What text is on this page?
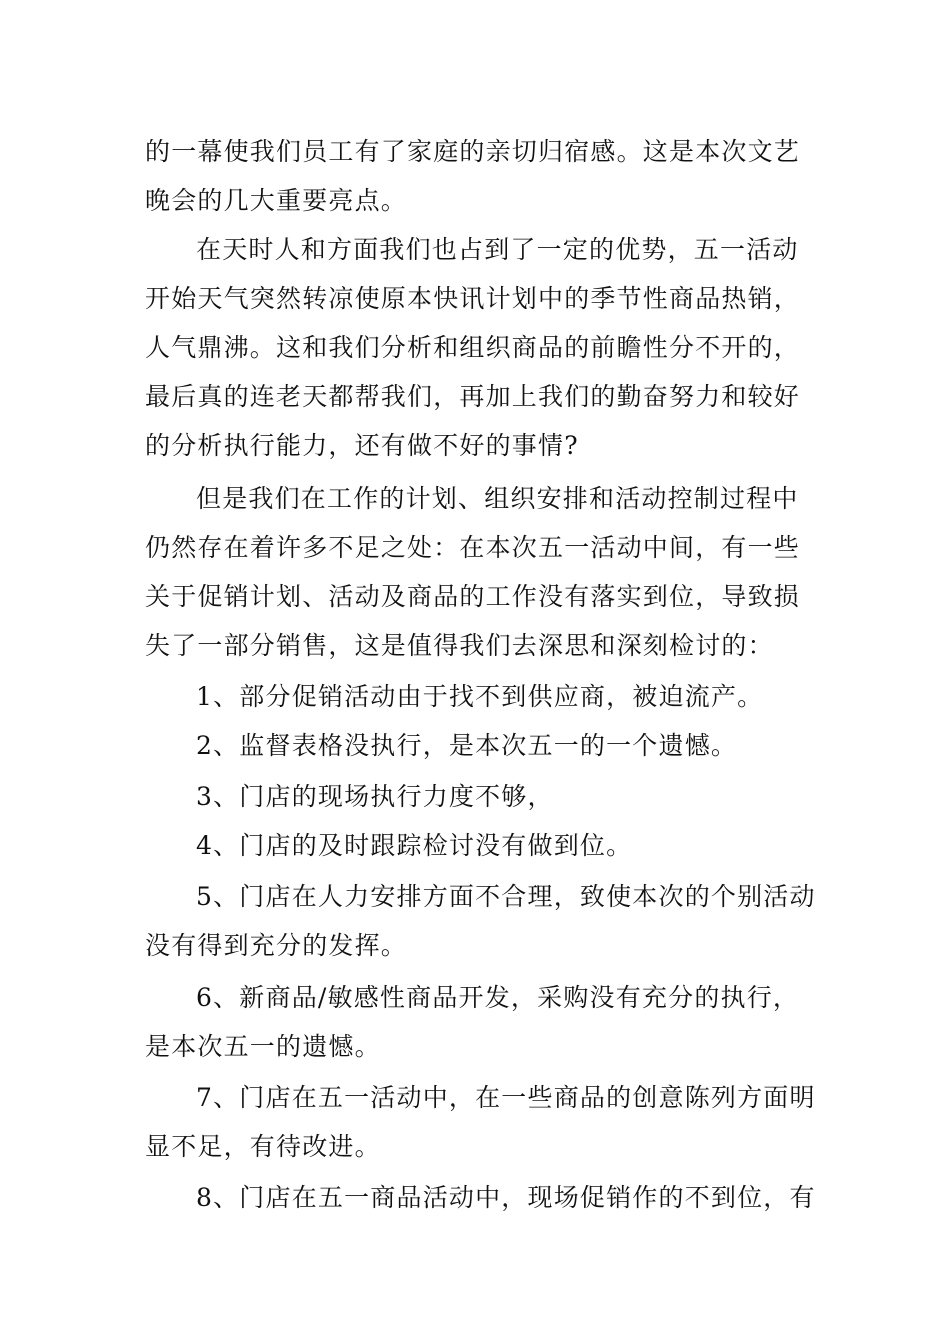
的一幕使我们员工有了家庭的亲切归宿感。这是本次文艺
晚会的几大重要亮点。
在天时人和方面我们也占到了一定的优势，五一活动
开始天气突然转凉使原本快讯计划中的季节性商品热销，
人气鼎沸。这和我们分析和组织商品的前瞻性分不开的，
最后真的连老天都帮我们，再加上我们的勤奋努力和较好
的分析执行能力，还有做不好的事情?
但是我们在工作的计划、组织安排和活动控制过程中
仍然存在着许多不足之处：在本次五一活动中间，有一些
关于促销计划、活动及商品的工作没有落实到位，导致损
失了一部分销售，这是值得我们去深思和深刻检讨的：
1、部分促销活动由于找不到供应商，被迫流产。
2、监督表格没执行，是本次五一的一个遗憾。
3、门店的现场执行力度不够，
4、门店的及时跟踪检讨没有做到位。
5、门店在人力安排方面不合理，致使本次的个别活动
没有得到充分的发挥。
6、新商品/敏感性商品开发，采购没有充分的执行，
是本次五一的遗憾。
7、门店在五一活动中，在一些商品的创意陈列方面明
显不足，有待改进。
8、门店在五一商品活动中，现场促销作的不到位，有
